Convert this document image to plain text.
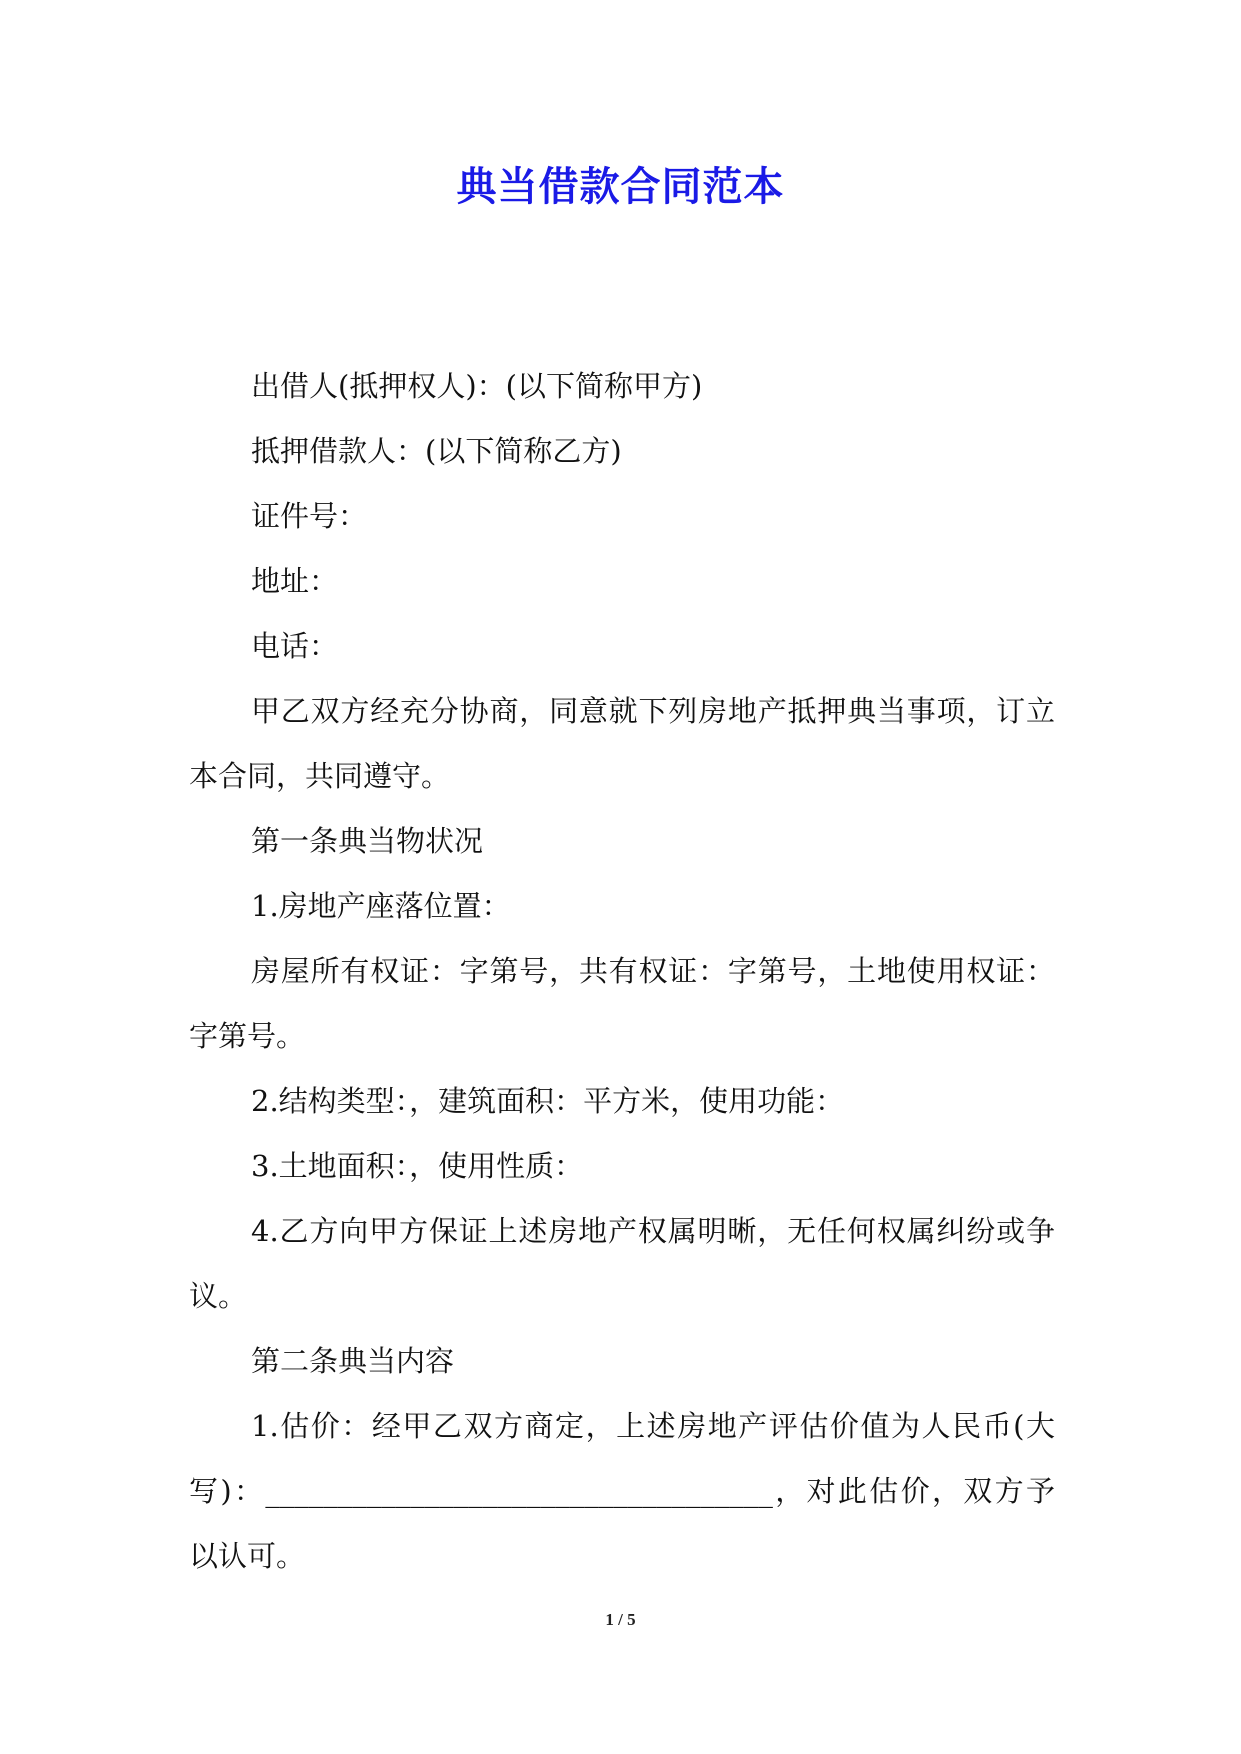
典当借款合同范本

出借人(抵押权人)：(以下简称甲方)

抵押借款人：(以下简称乙方)

证件号：

地址：

电话：

甲乙双方经充分协商，同意就下列房地产抵押典当事项，订立本合同，共同遵守。

第一条典当物状况

1.房地产座落位置：

房屋所有权证：字第号，共有权证：字第号，土地使用权证：字第号。

2.结构类型：，建筑面积：平方米，使用功能：

3.土地面积：，使用性质：

4.乙方向甲方保证上述房地产权属明晰，无任何权属纠纷或争议。

第二条典当内容

1.估价：经甲乙双方商定，上述房地产评估价值为人民币(大写)：___________________________________，对此估价，双方予以认可。

1 / 5
